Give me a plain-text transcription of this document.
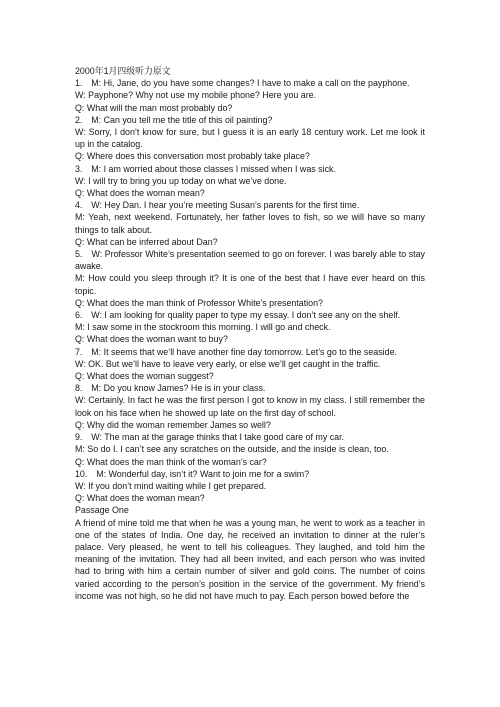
2000年1月四级听力原文

1.　M: Hi, Jane, do you have some changes? I have to make a call on the payphone.

W: Payphone? Why not use my mobile phone? Here you are.

Q: What will the man most probably do?

2.　M: Can you tell me the title of this oil painting?

W: Sorry, I don’t know for sure, but I guess it is an early 18 century work. Let me look it up in the catalog.

Q: Where does this conversation most probably take place?

3.　M: I am worried about those classes I missed when I was sick.

W: I will try to bring you up today on what we’ve done.

Q: What does the woman mean?

4.　W: Hey Dan. I hear you’re meeting Susan’s parents for the first time.

M: Yeah, next weekend. Fortunately, her father loves to fish, so we will have so many things to talk about.

Q: What can be inferred about Dan?

5.　W: Professor White’s presentation seemed to go on forever. I was barely able to stay awake.

M: How could you sleep through it? It is one of the best that I have ever heard on this topic.

Q: What does the man think of Professor White’s presentation?

6.　W: I am looking for quality paper to type my essay. I don’t see any on the shelf.

M: I saw some in the stockroom this morning. I will go and check.

Q: What does the woman want to buy?

7.　M: It seems that we’ll have another fine day tomorrow. Let’s go to the seaside.

W: OK. But we’ll have to leave very early, or else we’ll get caught in the traffic.

Q: What does the woman suggest?

8.　M: Do you know James? He is in your class.

W: Certainly. In fact he was the first person I got to know in my class. I still remember the look on his face when he showed up late on the first day of school.

Q: Why did the woman remember James so well?

9.　W: The man at the garage thinks that I take good care of my car.

M: So do I. I can’t see any scratches on the outside, and the inside is clean, too.

Q: What does the man think of the woman’s car?

10.　M: Wonderful day, isn’t it? Want to join me for a swim?

W: If you don’t mind waiting while I get prepared.

Q: What does the woman mean?

Passage One

A friend of mine told me that when he was a young man, he went to work as a teacher in one of the states of India. One day, he received an invitation to dinner at the ruler’s palace. Very pleased, he went to tell his colleagues. They laughed, and told him the meaning of the invitation. They had all been invited, and each person who was invited had to bring with him a certain number of silver and gold coins. The number of coins varied according to the person’s position in the service of the government. My friend’s income was not high, so he did not have much to pay. Each person bowed before the
